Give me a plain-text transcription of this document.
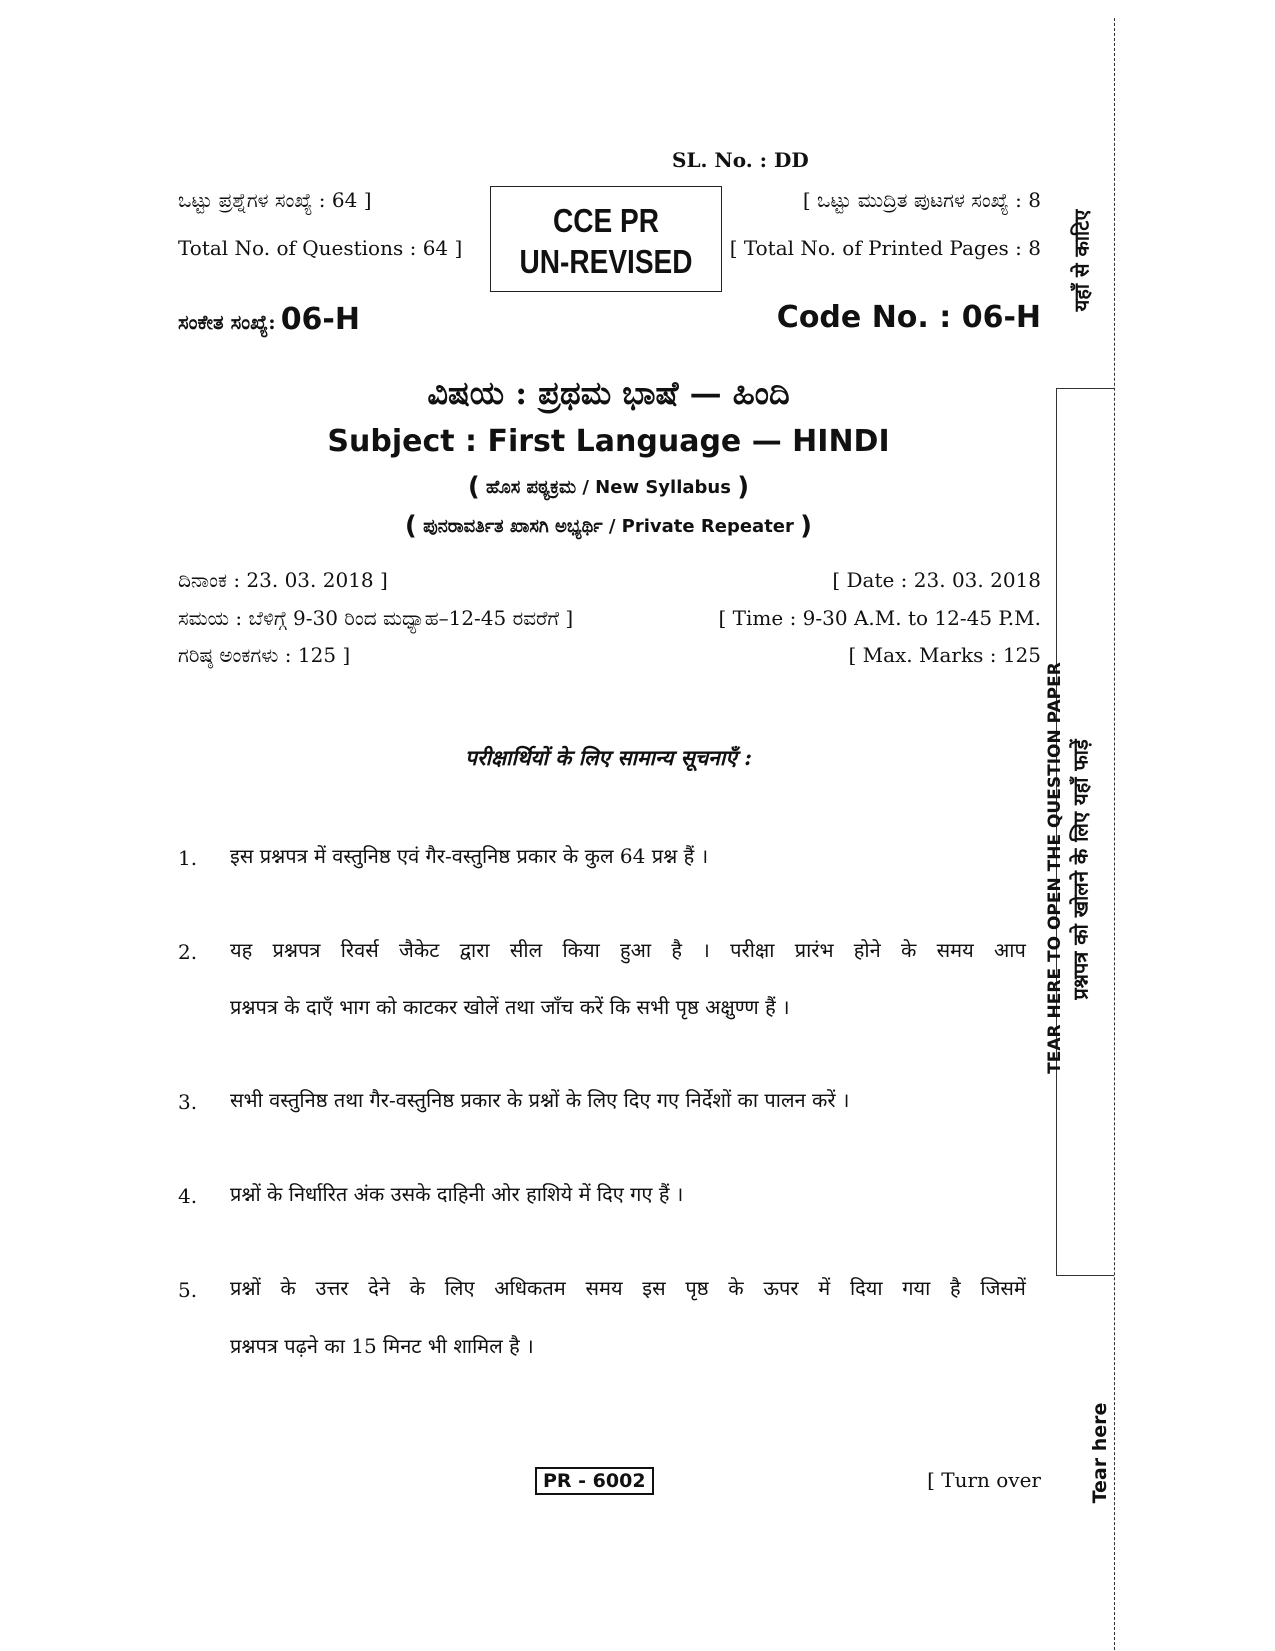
SL. No. : DD
ಒಟ್ಟು ಪ್ರಶ್ನೆಗಳ ಸಂಖ್ಯೆ : 64 ]
Total No. of Questions : 64 ]
CCE PR
UN-REVISED
[ ಒಟ್ಟು ಮುದ್ರಿತ ಪುಟಗಳ ಸಂಖ್ಯೆ : 8
[ Total No. of Printed Pages : 8
ಸಂಕೇತ ಸಂಖ್ಯೆ: 06-H	Code No. : 06-H
ವಿಷಯ : ಪ್ರಥಮ ಭಾಷೆ — ಹಿಂದಿ
Subject : First Language — HINDI
( ಹೊಸ ಪಠ್ಯಕ್ರಮ / New Syllabus )
( ಪುನರಾವರ್ತಿತ ಖಾಸಗಿ ಅಭ್ಯರ್ಥಿ / Private Repeater )
ದಿನಾಂಕ : 23. 03. 2018 ]	[ Date : 23. 03. 2018
ಸಮಯ : ಬೆಳಿಗ್ಗೆ 9-30 ರಿಂದ ಮಧ್ಯಾಹ–12-45 ರವರೆಗೆ ]	[ Time : 9-30 A.M. to 12-45 P.M.
ಗರಿಷ್ಠ ಅಂಕಗಳು : 125 ]	[ Max. Marks : 125
परीक्षार्थियों के लिए सामान्य सूचनाएँ :
1. इस प्रश्नपत्र में वस्तुनिष्ठ एवं गैर-वस्तुनिष्ठ प्रकार के कुल 64 प्रश्न हैं ।
2. यह प्रश्नपत्र रिवर्स जैकेट द्वारा सील किया हुआ है । परीक्षा प्रारंभ होने के समय आप
प्रश्नपत्र के दाएँ भाग को काटकर खोलें तथा जाँच करें कि सभी पृष्ठ अक्षुण्ण हैं ।
3. सभी वस्तुनिष्ठ तथा गैर-वस्तुनिष्ठ प्रकार के प्रश्नों के लिए दिए गए निर्देशों का पालन करें ।
4. प्रश्नों के निर्धारित अंक उसके दाहिनी ओर हाशिये में दिए गए हैं ।
5. प्रश्नों के उत्तर देने के लिए अधिकतम समय इस पृष्ठ के ऊपर में दिया गया है जिसमें
प्रश्नपत्र पढ़ने का 15 मिनट भी शामिल है ।
PR - 6002	[ Turn over
यहाँ से काटिए
TEAR HERE TO OPEN THE QUESTION PAPER प्रश्नपत्र को खोलने के लिए यहाँ फाड़ें
Tear here
